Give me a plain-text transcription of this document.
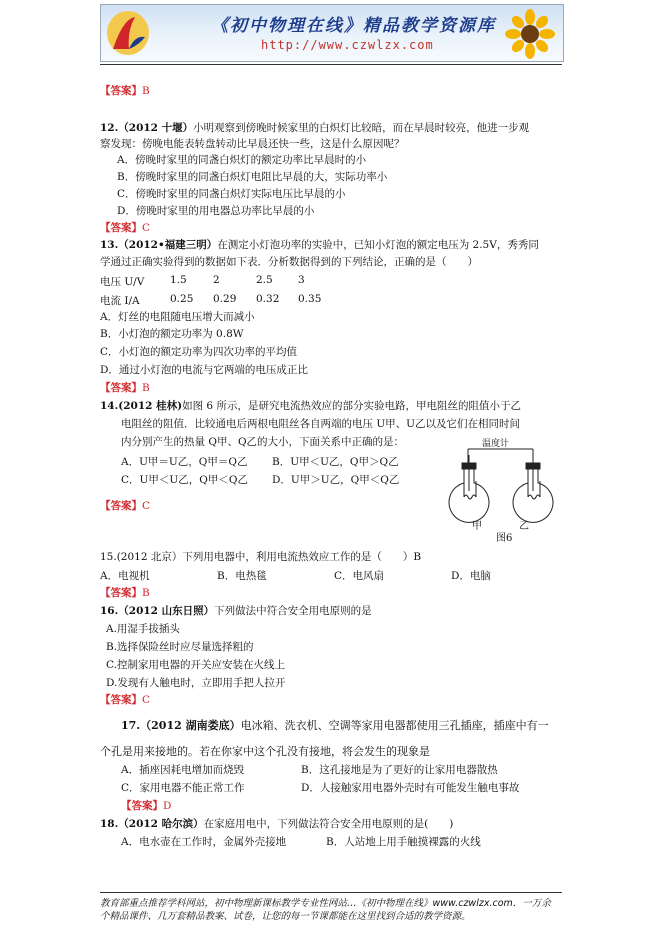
《初中物理在线》精品教学资源库
http://www.czwlzx.com
【答案】B
12.（2012 十堰）小明观察到傍晚时候家里的白炽灯比较暗，而在早晨时较亮，他进一步观
察发现：傍晚电能表转盘转动比早晨还快一些，这是什么原因呢？
A．傍晚时家里的同盏白炽灯的额定功率比早晨时的小
B．傍晚时家里的同盏白炽灯电阻比早晨的大，实际功率小
C．傍晚时家里的同盏白炽灯实际电压比早晨的小
D．傍晚时家里的用电器总功率比早晨的小
【答案】C
13.（2012•福建三明）在测定小灯泡功率的实验中，已知小灯泡的额定电压为 2.5V，秀秀同
学通过正确实验得到的数据如下表．分析数据得到的下列结论，正确的是（　　）
电压 U/V 1.5	2	2.5 3
电流 I/A	0.25 0.29 0.32 0.35
A．灯丝的电阻随电压增大而减小
B．小灯泡的额定功率为 0.8W
C．小灯泡的额定功率为四次功率的平均值
D．通过小灯泡的电流与它两端的电压成正比
【答案】B
14.(2012 桂林)如图 6 所示，是研究电流热效应的部分实验电路，甲电阻丝的阻值小于乙
电阻丝的阻值．比较通电后两根电阻丝各自两端的电压 U甲、U乙以及它们在相同时间
内分别产生的热量 Q甲、Q乙的大小，下面关系中正确的是：
A．U甲＝U乙，Q甲＝Q乙 B．U甲＜U乙，Q甲＞Q乙
C．U甲＜U乙，Q甲＜Q乙 D．U甲＞U乙，Q甲＜Q乙
温度计
甲	乙
图6
【答案】C
15.(2012 北京）下列用电器中，利用电流热效应工作的是（　　）B
A．电视机	B．电热毯	C．电风扇	D．电脑
【答案】B
16.（2012 山东日照）下列做法中符合安全用电原则的是
A.用湿手拔插头
B.选择保险丝时应尽量选择粗的
C.控制家用电器的开关应安装在火线上
D.发现有人触电时，立即用手把人拉开
【答案】C
17.（2012 湖南娄底）电冰箱、洗衣机、空调等家用电器都使用三孔插座，插座中有一
个孔是用来接地的。若在你家中这个孔没有接地，将会发生的现象是
A．插座因耗电增加而烧毁	B．这孔接地是为了更好的让家用电器散热
C．家用电器不能正常工作	D．人接触家用电器外壳时有可能发生触电事故
【答案】D
18.（2012 哈尔滨）在家庭用电中，下列做法符合安全用电原则的是(　　)
A．电水壶在工作时，金属外壳接地	B．人站地上用手触摸裸露的火线
教育部重点推荐学科网站，初中物理新课标教学专业性网站…《初中物理在线》www.czwlzx.com．一万余
个精品课件、几万套精品教案、试卷，让您的每一节课都能在这里找到合适的教学资源。
